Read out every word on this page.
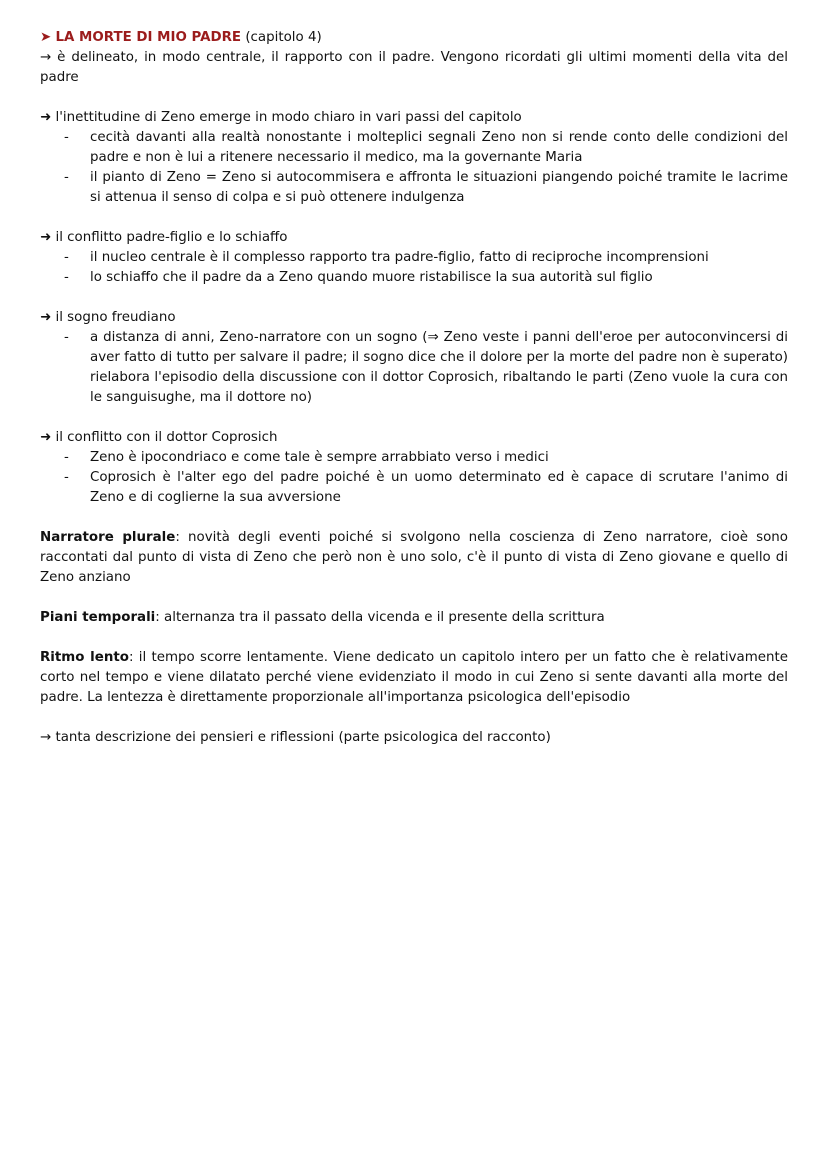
➤ LA MORTE DI MIO PADRE (capitolo 4)

→ è delineato, in modo centrale, il rapporto con il padre. Vengono ricordati gli ultimi momenti della vita del padre

➜ l'inettitudine di Zeno emerge in modo chiaro in vari passi del capitolo

- cecità davanti alla realtà nonostante i molteplici segnali Zeno non si rende conto delle condizioni del padre e non è lui a ritenere necessario il medico, ma la governante Maria
- il pianto di Zeno = Zeno si autocommisera e affronta le situazioni piangendo poiché tramite le lacrime si attenua il senso di colpa e si può ottenere indulgenza

➜ il conflitto padre-figlio e lo schiaffo

- il nucleo centrale è il complesso rapporto tra padre-figlio, fatto di reciproche incomprensioni
- lo schiaffo che il padre da a Zeno quando muore ristabilisce la sua autorità sul figlio

➜ il sogno freudiano

- a distanza di anni, Zeno-narratore con un sogno (⇒ Zeno veste i panni dell'eroe per autoconvincersi di aver fatto di tutto per salvare il padre; il sogno dice che il dolore per la morte del padre non è superato) rielabora l'episodio della discussione con il dottor Coprosich, ribaltando le parti (Zeno vuole la cura con le sanguisughe, ma il dottore no)

➜ il conflitto con il dottor Coprosich

- Zeno è ipocondriaco e come tale è sempre arrabbiato verso i medici
- Coprosich è l'alter ego del padre poiché è un uomo determinato ed è capace di scrutare l'animo di Zeno e di coglierne la sua avversione

Narratore plurale: novità degli eventi poiché si svolgono nella coscienza di Zeno narratore, cioè sono raccontati dal punto di vista di Zeno che però non è uno solo, c'è il punto di vista di Zeno giovane e quello di Zeno anziano

Piani temporali: alternanza tra il passato della vicenda e il presente della scrittura

Ritmo lento: il tempo scorre lentamente. Viene dedicato un capitolo intero per un fatto che è relativamente corto nel tempo e viene dilatato perché viene evidenziato il modo in cui Zeno si sente davanti alla morte del padre. La lentezza è direttamente proporzionale all'importanza psicologica dell'episodio

→ tanta descrizione dei pensieri e riflessioni (parte psicologica del racconto)
